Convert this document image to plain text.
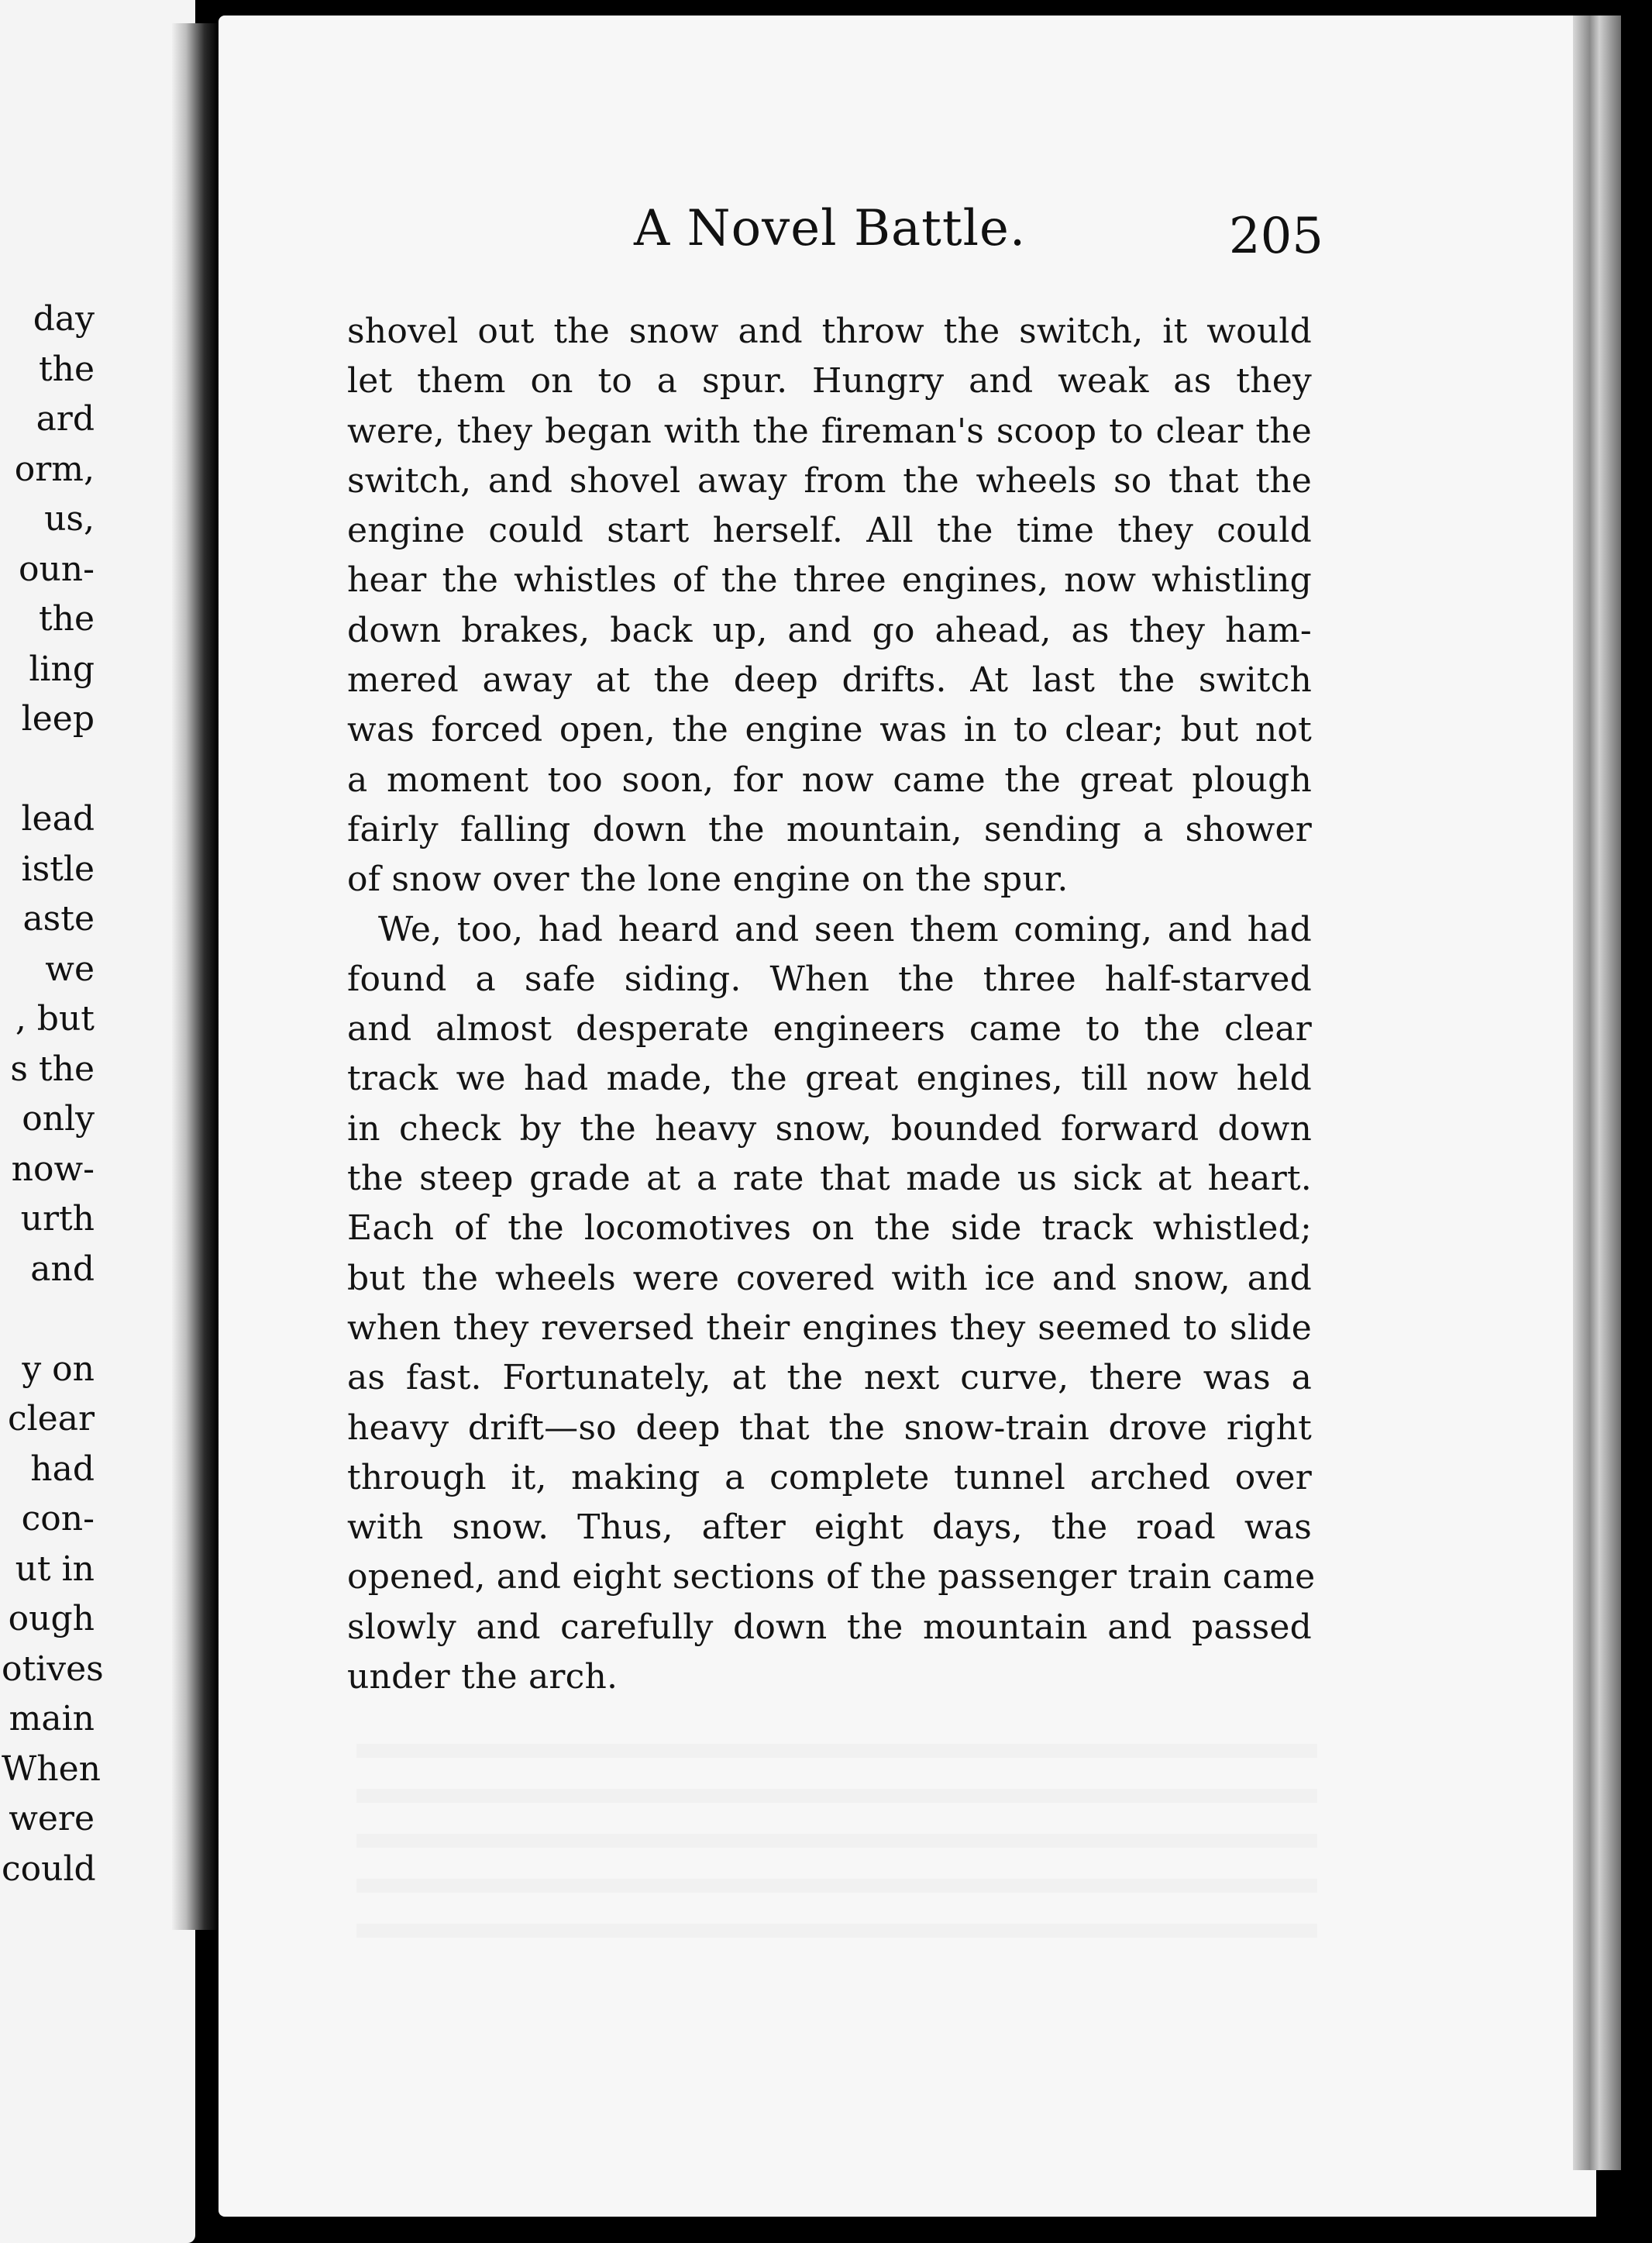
day
the
ard
orm,
us,
oun-
the
ling
leep
lead
istle
aste
we
, but
s the
only
now-
urth
and
y on
clear
had
con-
ut in
ough
otives
main
When
were
could
A Novel Battle.	205
shovel out the snow and throw the switch, it would
let them on to a spur. Hungry and weak as they
were, they began with the fireman's scoop to clear the
switch, and shovel away from the wheels so that the
engine could start herself. All the time they could
hear the whistles of the three engines, now whistling
down brakes, back up, and go ahead, as they ham-
mered away at the deep drifts. At last the switch
was forced open, the engine was in to clear; but not
a moment too soon, for now came the great plough
fairly falling down the mountain, sending a shower
of snow over the lone engine on the spur.
We, too, had heard and seen them coming, and had
found a safe siding. When the three half-starved
and almost desperate engineers came to the clear
track we had made, the great engines, till now held
in check by the heavy snow, bounded forward down
the steep grade at a rate that made us sick at heart.
Each of the locomotives on the side track whistled;
but the wheels were covered with ice and snow, and
when they reversed their engines they seemed to slide
as fast. Fortunately, at the next curve, there was a
heavy drift—so deep that the snow-train drove right
through it, making a complete tunnel arched over
with snow. Thus, after eight days, the road was
opened, and eight sections of the passenger train came
slowly and carefully down the mountain and passed
under the arch.
